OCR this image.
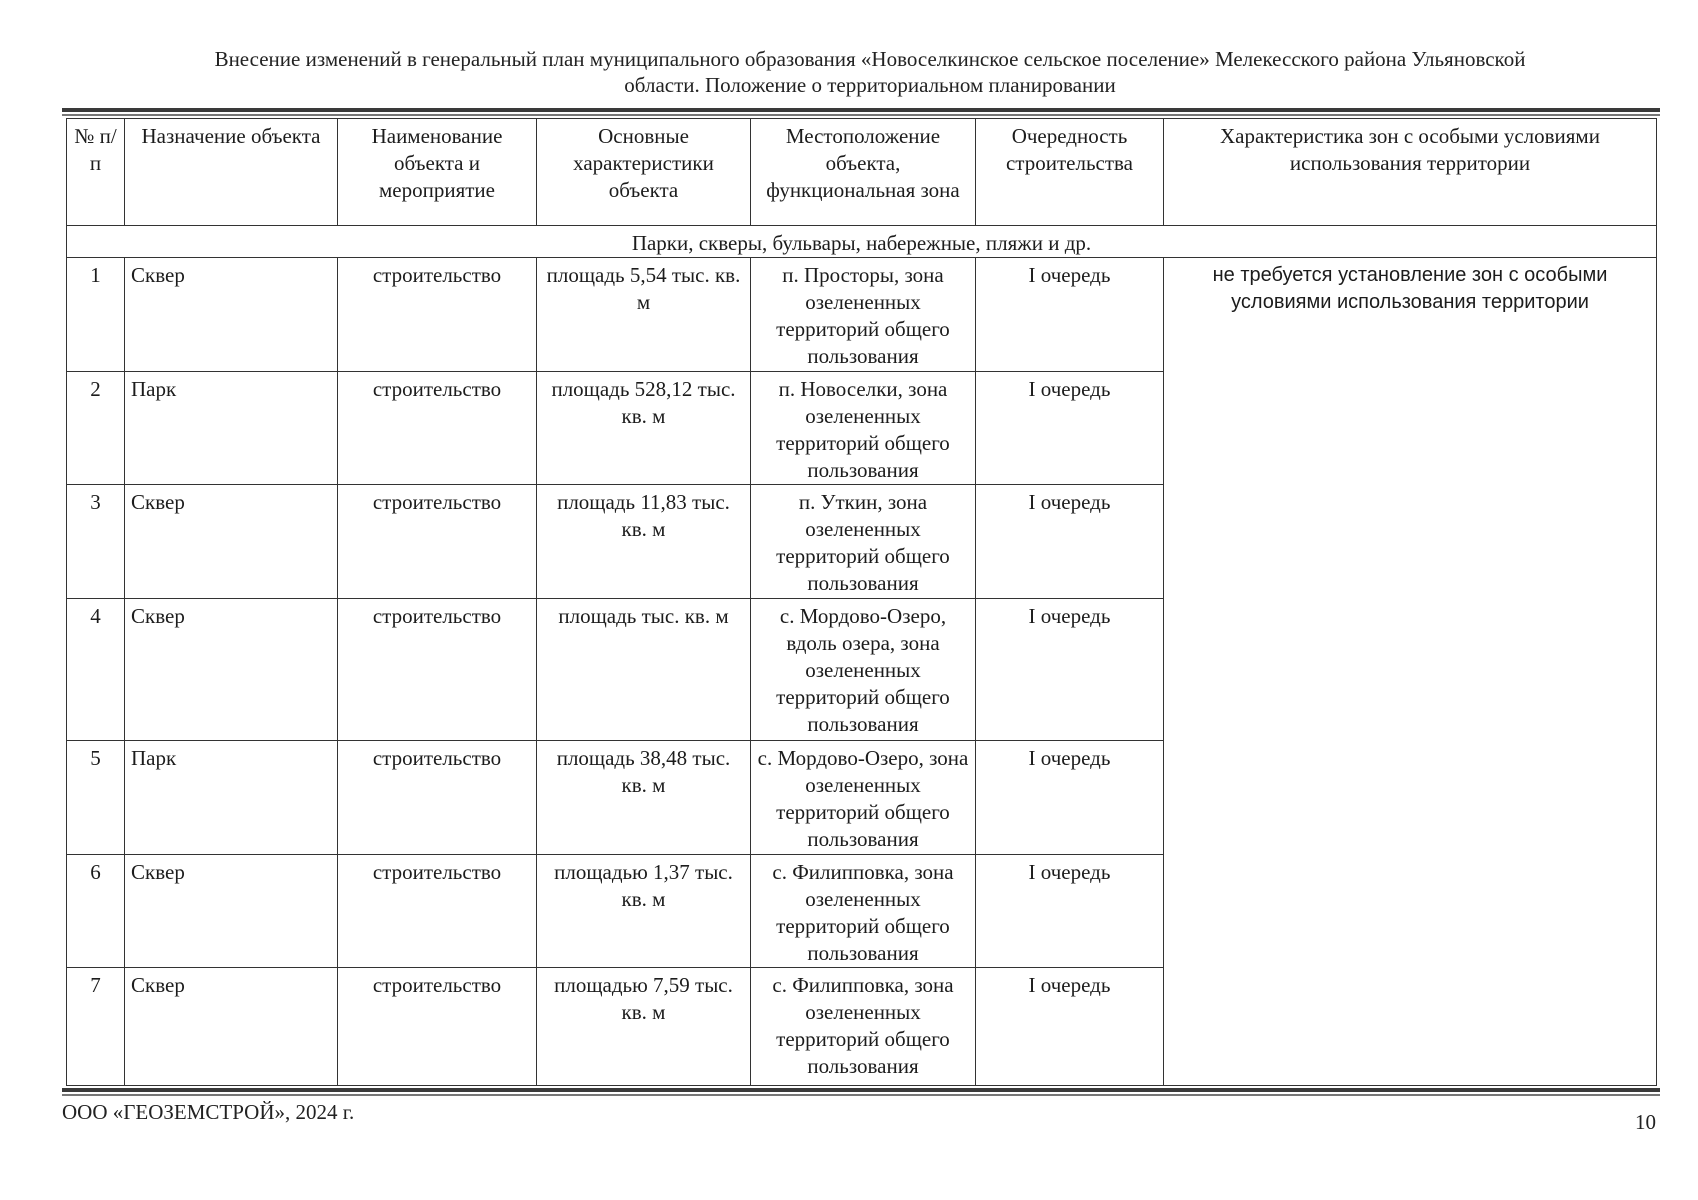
Внесение изменений в генеральный план муниципального образования «Новоселкинское сельское поселение» Мелекесского района Ульяновской
области. Положение о территориальном планировании
№ п/п	Назначение объекта	Наименование объекта и мероприятие	Основные характеристики объекта	Местоположение объекта, функциональная зона	Очередность строительства	Характеристика зон с особыми условиями использования территории
Парки, скверы, бульвары, набережные, пляжи и др.						
1	Сквер	строительство	площадь 5,54 тыс. кв. м	п. Просторы, зона озелененных территорий общего пользования	I очередь	не требуется установление зон с особыми условиями использования территории
2	Парк	строительство	площадь 528,12 тыс. кв. м	п. Новоселки, зона озелененных территорий общего пользования	I очередь	
3	Сквер	строительство	площадь 11,83 тыс. кв. м	п. Уткин, зона озелененных территорий общего пользования	I очередь	
4	Сквер	строительство	площадь тыс. кв. м	с. Мордово-Озеро, вдоль озера, зона озелененных территорий общего пользования	I очередь	
5	Парк	строительство	площадь 38,48 тыс. кв. м	с. Мордово-Озеро, зона озелененных территорий общего пользования	I очередь	
6	Сквер	строительство	площадью 1,37 тыс. кв. м	с. Филипповка, зона озелененных территорий общего пользования	I очередь	
7	Сквер	строительство	площадью 7,59 тыс. кв. м	с. Филипповка, зона озелененных территорий общего пользования	I очередь	
ООО «ГЕОЗЕМСТРОЙ», 2024 г.	10
